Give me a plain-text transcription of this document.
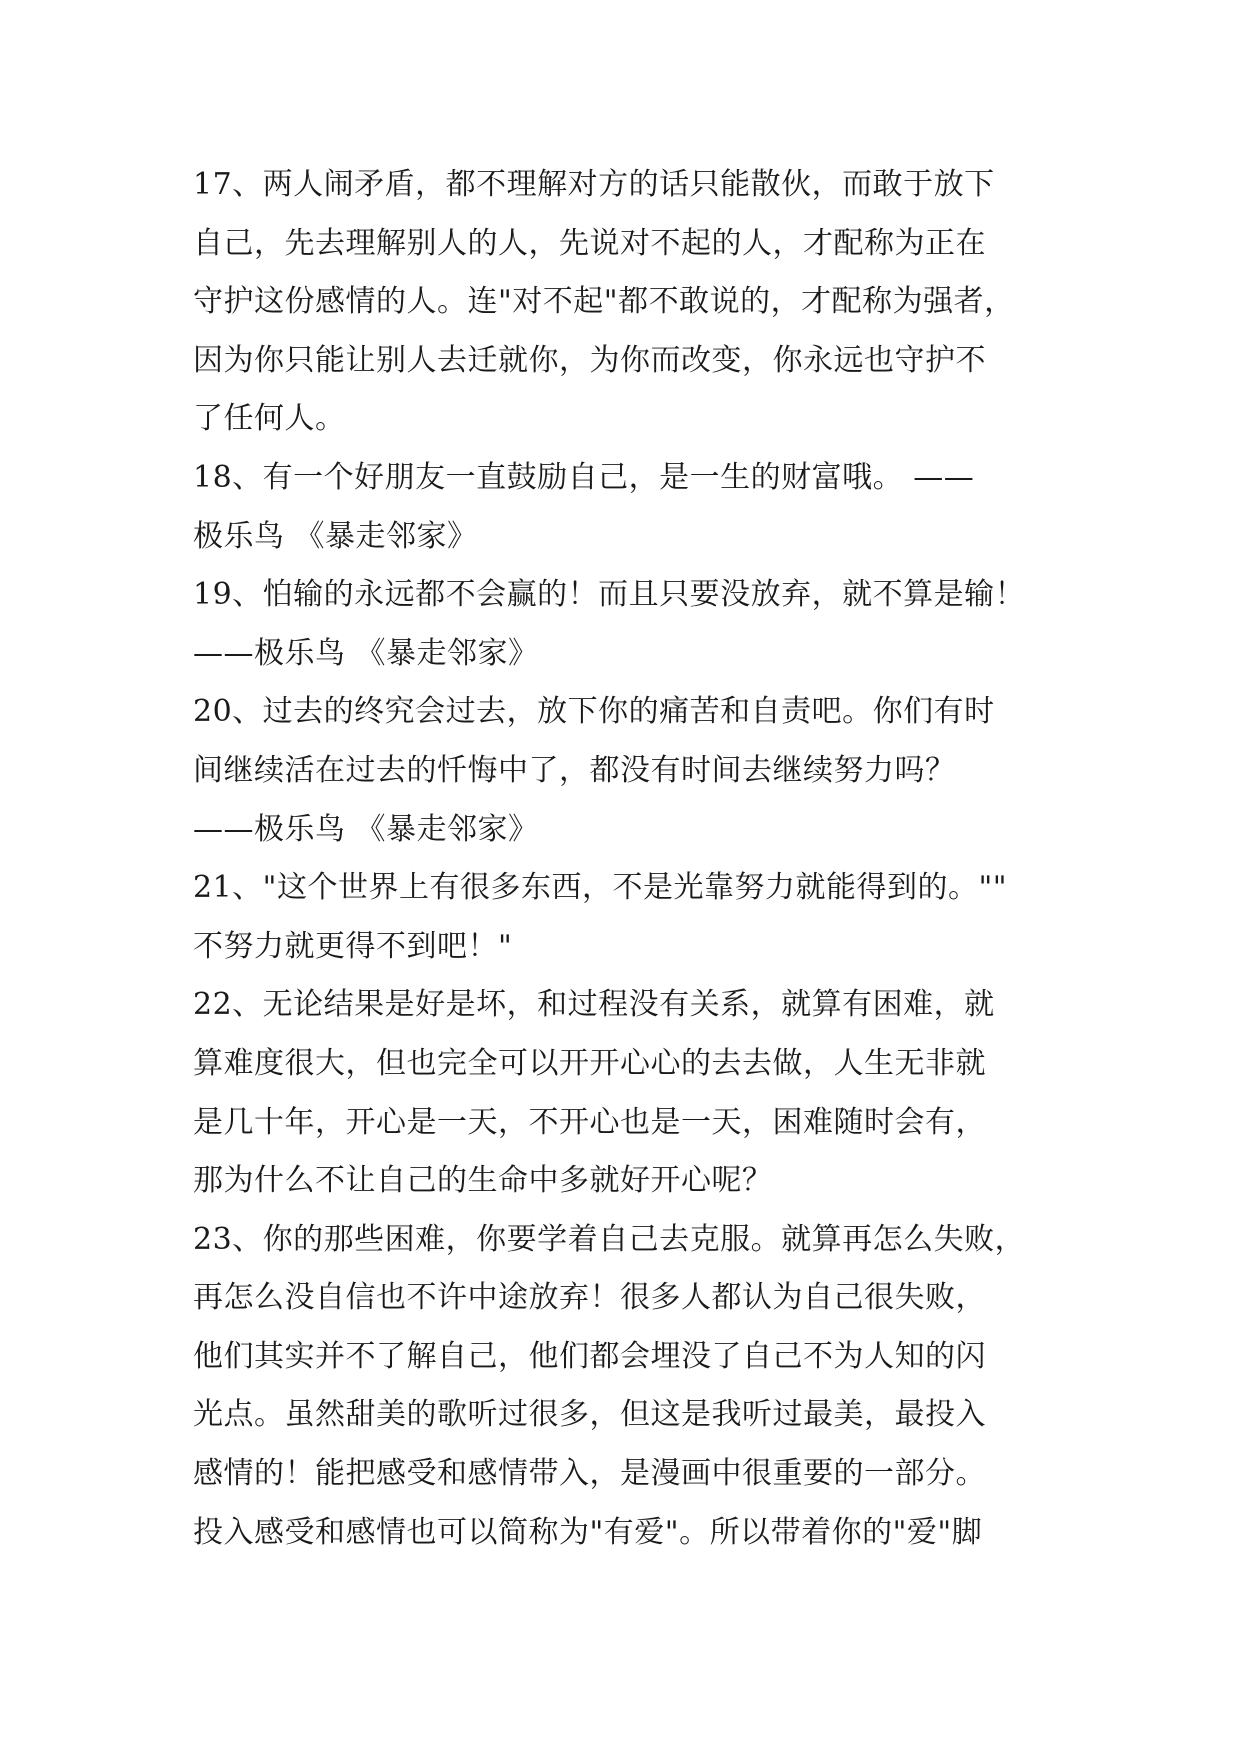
17、两人闹矛盾，都不理解对方的话只能散伙，而敢于放下
自己，先去理解别人的人，先说对不起的人，才配称为正在
守护这份感情的人。连"对不起"都不敢说的，才配称为强者，
因为你只能让别人去迁就你，为你而改变，你永远也守护不
了任何人。
18、有一个好朋友一直鼓励自己，是一生的财富哦。 ——
极乐鸟 《暴走邻家》
19、怕输的永远都不会赢的！而且只要没放弃，就不算是输！
——极乐鸟 《暴走邻家》
20、过去的终究会过去，放下你的痛苦和自责吧。你们有时
间继续活在过去的忏悔中了，都没有时间去继续努力吗？
——极乐鸟 《暴走邻家》
21、"这个世界上有很多东西，不是光靠努力就能得到的。""
不努力就更得不到吧！"
22、无论结果是好是坏，和过程没有关系，就算有困难，就
算难度很大，但也完全可以开开心心的去去做，人生无非就
是几十年，开心是一天，不开心也是一天，困难随时会有，
那为什么不让自己的生命中多就好开心呢？
23、你的那些困难，你要学着自己去克服。就算再怎么失败，
再怎么没自信也不许中途放弃！很多人都认为自己很失败，
他们其实并不了解自己，他们都会埋没了自己不为人知的闪
光点。虽然甜美的歌听过很多，但这是我听过最美，最投入
感情的！能把感受和感情带入，是漫画中很重要的一部分。
投入感受和感情也可以简称为"有爱"。所以带着你的"爱"脚
